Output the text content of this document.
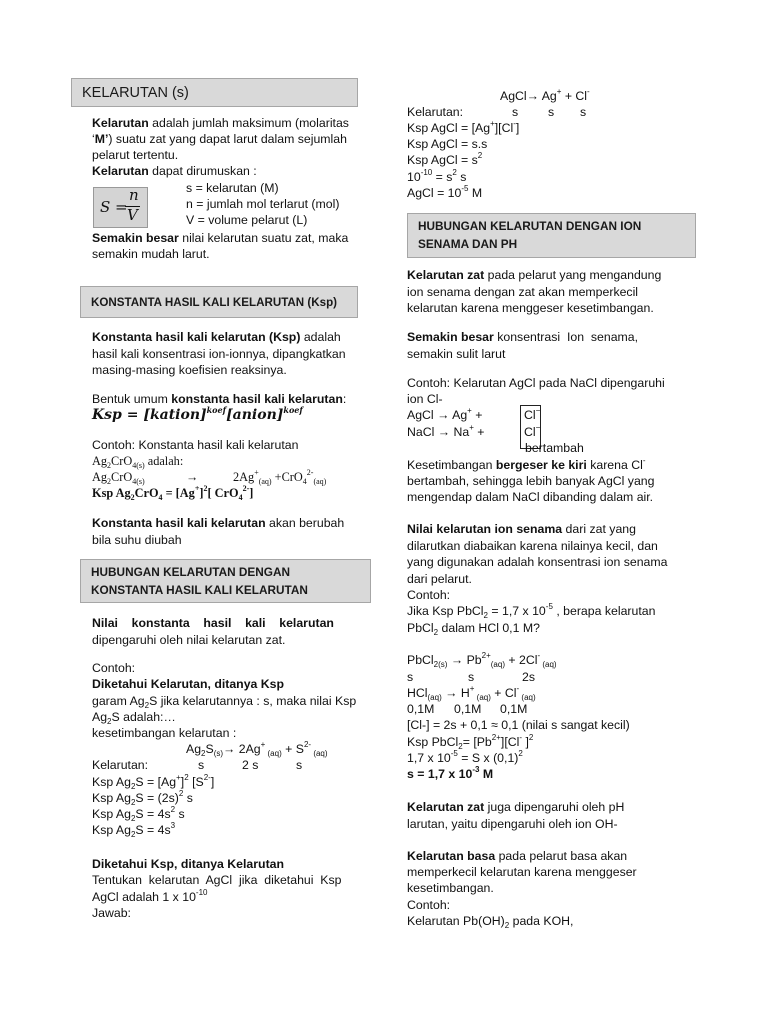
KELARUTAN (s)
Kelarutan adalah jumlah maksimum (molaritas
‘M’) suatu zat yang dapat larut dalam sejumlah
pelarut tertentu.
Kelarutan dapat dirumuskan :
S =
n
V
s = kelarutan (M)
n = jumlah mol terlarut (mol)
V = volume pelarut (L)
Semakin besar nilai kelarutan suatu zat, maka
semakin mudah larut.
KONSTANTA HASIL KALI KELARUTAN (Ksp)
Konstanta hasil kali kelarutan (Ksp) adalah
hasil kali konsentrasi ion-ionnya, dipangkatkan
masing-masing koefisien reaksinya.
Bentuk umum konstanta hasil kali kelarutan:
Ksp = [kation]$^{koef}$[anion]$^{koef}$
Contoh: Konstanta hasil kali kelarutan
$Ag_2CrO_{4(s)}$ adalah:
$Ag_2CrO_{4(s)}$	→	$2Ag^+_{(aq)} +CrO_4^{2-}_{(aq)}$
Ksp $Ag_2CrO_4 = [Ag^+]^2$[ CrO$_4^{2-}$]
Konstanta hasil kali kelarutan akan berubah
bila suhu diubah
HUBUNGAN KELARUTAN DENGAN
KONSTANTA HASIL KALI KELARUTAN
Nilai    konstanta    hasil    kali    kelarutan
dipengaruhi oleh nilai kelarutan zat.
Contoh:
Diketahui Kelarutan, ditanya Ksp
garam $Ag_2S$ jika kelarutannya : s, maka nilai Ksp
$Ag_2S$ adalah:…
kesetimbangan kelarutan :
$Ag_2S_{(s)}\to 2Ag^+$ $_{(aq)} + S^{2-}$ $_{(aq)}$
Kelarutan:	s	2 s	s
Ksp $Ag_2S = [Ag^+]^2$ $[S^{2-}]$
Ksp $Ag_2S = (2s)^2$ s
Ksp $Ag_2S = 4s^2$ s
Ksp $Ag_2S = 4s^3$
Diketahui Ksp, ditanya Kelarutan
Tentukan  kelarutan  AgCl  jika  diketahui  Ksp
AgCl adalah 1 x $10^{-10}$
Jawab:
AgCl→ Ag+ + Cl-
Kelarutan:	s s s
Ksp AgCl = [Ag+][Cl-]
Ksp AgCl = s.s
Ksp AgCl = $s^2$
$10^{-10} = s^2$ s
AgCl = $10^{-5}$ M
HUBUNGAN KELARUTAN DENGAN ION
SENAMA DAN PH
Kelarutan zat pada pelarut yang mengandung
ion senama dengan zat akan memperkecil
kelarutan karena menggeser kesetimbangan.
Semakin besar konsentrasi  Ion  senama,
semakin sulit larut
Contoh: Kelarutan AgCl pada NaCl dipengaruhi
ion Cl-
AgCl → Ag+ +	Cl−
NaCl → Na+ +	Cl−
bertambah
Kesetimbangan bergeser ke kiri karena Cl-
bertambah, sehingga lebih banyak AgCl yang
mengendap dalam NaCl dibanding dalam air.
Nilai kelarutan ion senama dari zat yang
dilarutkan diabaikan karena nilainya kecil, dan
yang digunakan adalah konsentrasi ion senama
dari pelarut.
Contoh:
Jika Ksp PbCl$_2$ = 1,7 x $10^{-5}$ , berapa kelarutan
PbCl$_2$ dalam HCl 0,1 M?
PbCl$_{2(s)}$ → $Pb^{2+}_{(aq)} + 2Cl^-$ $_{(aq)}$
s	s	2s
HCl$_{(aq)}$ → H+ $_{(aq)}$ + Cl- $_{(aq)}$
0,1M 0,1M 0,1M
[Cl-] = 2s + 0,1 ≈ 0,1 (nilai s sangat kecil)
Ksp PbCl$_2$= $[Pb^{2+}][Cl^-$ ]$^2$
1,7 x $10^{-5} = S$ x $(0,1)^2$
s = 1,7 x $10^{-3}$ M
Kelarutan zat juga dipengaruhi oleh pH
larutan, yaitu dipengaruhi oleh ion OH-
Kelarutan basa pada pelarut basa akan
memperkecil kelarutan karena menggeser
kesetimbangan.
Contoh:
Kelarutan $Pb(OH)_2$ pada KOH,
